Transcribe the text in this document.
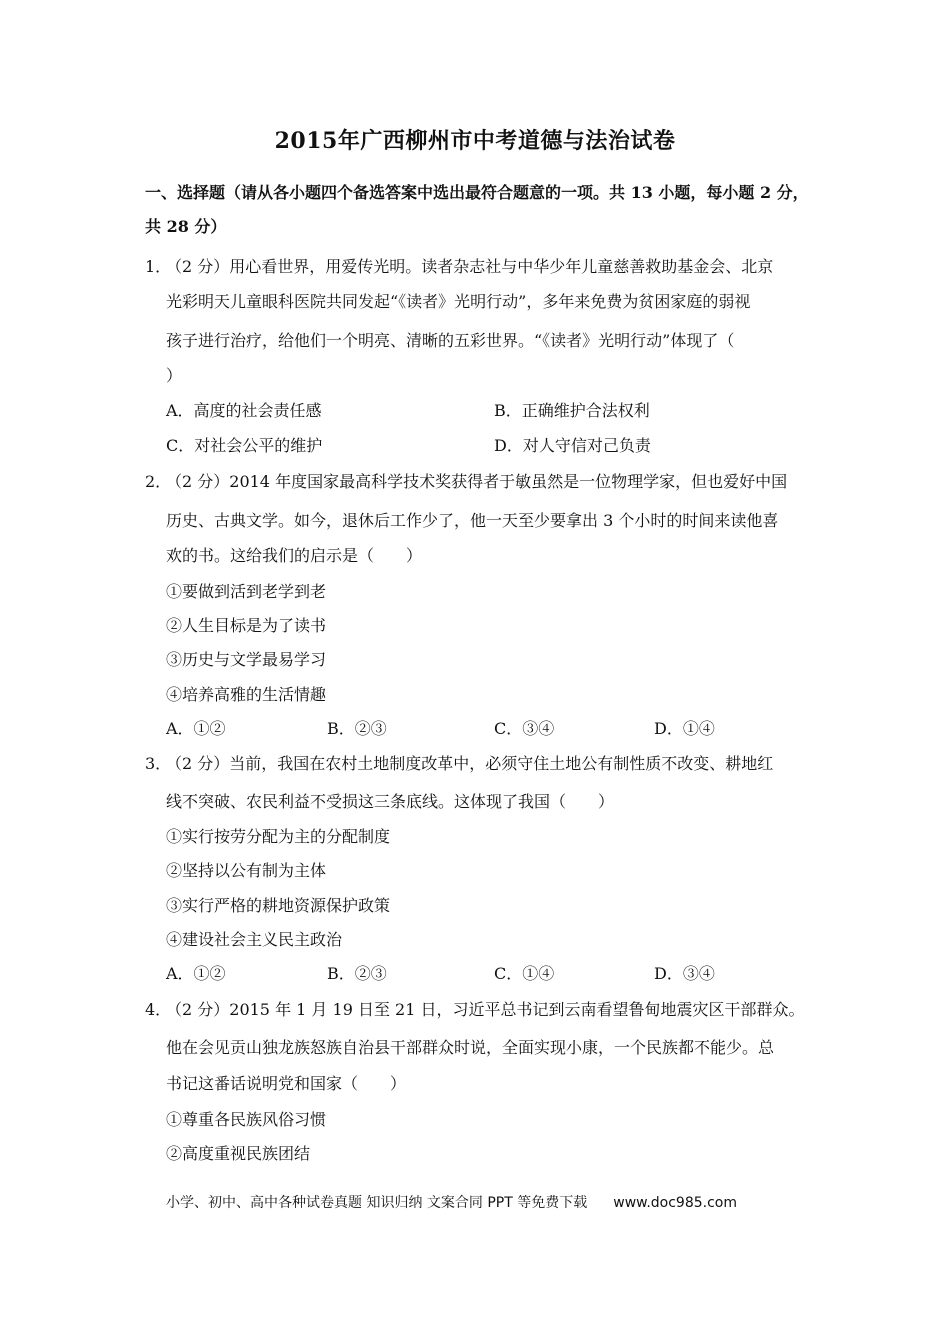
2015年广西柳州市中考道德与法治试卷
一、选择题（请从各小题四个备选答案中选出最符合题意的一项。共 13 小题，每小题 2 分，
共 28 分）
1．
（2 分）用心看世界，用爱传光明。读者杂志社与中华少年儿童慈善救助基金会、北京
光彩明天儿童眼科医院共同发起“《读者》光明行动”，多年来免费为贫困家庭的弱视
孩子进行治疗，给他们一个明亮、清晰的五彩世界。“《读者》光明行动”体现了（
）
A．高度的社会责任感	B．正确维护合法权利
C．对社会公平的维护	D．对人守信对己负责
2．
（2 分）2014 年度国家最高科学技术奖获得者于敏虽然是一位物理学家，但也爱好中国
历史、古典文学。如今，退休后工作少了，他一天至少要拿出 3 个小时的时间来读他喜
欢的书。这给我们的启示是（　　）
①要做到活到老学到老
②人生目标是为了读书
③历史与文学最易学习
④培养高雅的生活情趣
A．①②	B．②③	C．③④	D．①④
3．
（2 分）当前，我国在农村土地制度改革中，必须守住土地公有制性质不改变、耕地红
线不突破、农民利益不受损这三条底线。这体现了我国（　　）
①实行按劳分配为主的分配制度
②坚持以公有制为主体
③实行严格的耕地资源保护政策
④建设社会主义民主政治
A．①②	B．②③	C．①④	D．③④
4．
（2 分）2015 年 1 月 19 日至 21 日，习近平总书记到云南看望鲁甸地震灾区干部群众。
他在会见贡山独龙族怒族自治县干部群众时说，全面实现小康，一个民族都不能少。总
书记这番话说明党和国家（　　）
①尊重各民族风俗习惯
②高度重视民族团结
小学、初中、高中各种试卷真题 知识归纳 文案合同 PPT 等免费下载 www.doc985.com
